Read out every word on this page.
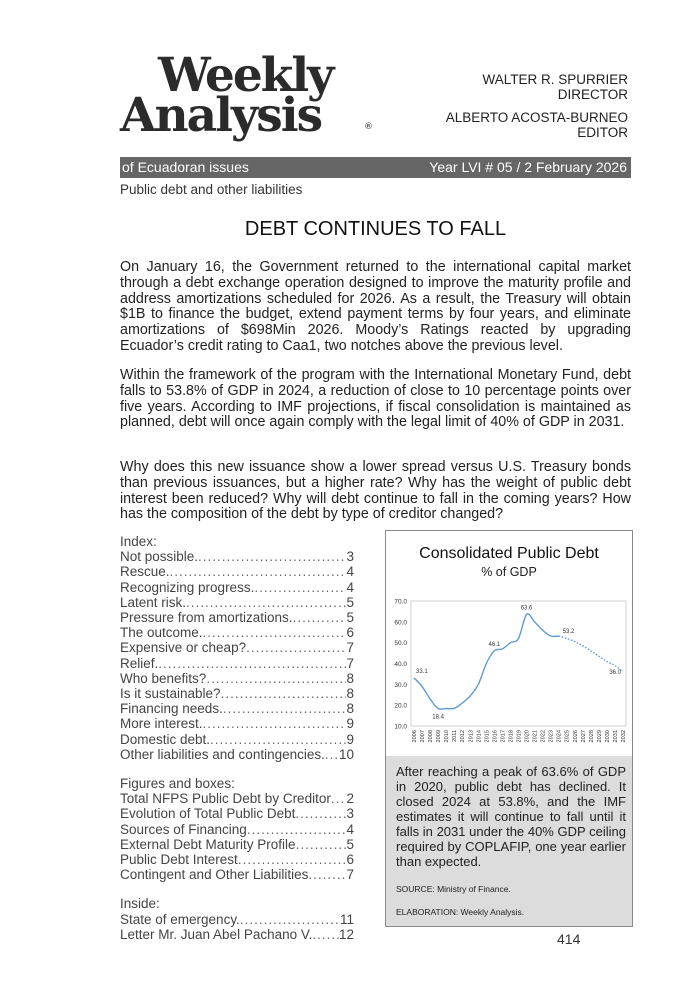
Weekly
Analysis	®
WALTER R. SPURRIER
DIRECTOR
ALBERTO ACOSTA-BURNEO
EDITOR
of Ecuadoran issues	Year LVI # 05 / 2 February 2026
Public debt and other liabilities
DEBT CONTINUES TO FALL

On January 16, the Government returned to the international capital market through a debt exchange operation designed to improve the maturity profile and address amortizations scheduled for 2026. As a result, the Treasury will obtain $1B to finance the budget, extend payment terms by four years, and eliminate amortizations of $698Min 2026. Moody’s Ratings reacted by upgrading Ecuador’s credit rating to Caa1, two notches above the previous level.

Within the framework of the program with the International Monetary Fund, debt falls to 53.8% of GDP in 2024, a reduction of close to 10 percentage points over five years. According to IMF projections, if fiscal consolidation is maintained as planned, debt will once again comply with the legal limit of 40% of GDP in 2031.

Why does this new issuance show a lower spread versus U.S. Treasury bonds than previous issuances, but a higher rate? Why has the weight of public debt interest been reduced? Why will debt continue to fall in the coming years? How has the composition of the debt by type of creditor changed?

Index:
Not possible. .....	3
Rescue. .....	4
Recognizing progress. .....	4
Latent risk. .....	5
Pressure from amortizations. .....	5
The outcome. .....	6
Expensive or cheap? .....	7
Relief. .....	7
Who benefits? .....	8
Is it sustainable? .....	8
Financing needs. .....	8
More interest. .....	9
Domestic debt. .....	9
Other liabilities and contingencies. ..... 10
Figures and boxes:
Total NFPS Public Debt by Creditor ..... 2
Evolution of Total Public Debt .....	3
Sources of Financing .....	4
External Debt Maturity Profile .....	5
Public Debt Interest .....	6
Contingent and Other Liabilities .....	7
Inside:
State of emergency. .....	11
Letter Mr. Juan Abel Pachano V. ..... 12
Consolidated Public Debt
% of GDP
10.0
20.0
30.0
40.0
50.0
60.0
70.0
2006 2007 2008 2009 2010 2011 2012 2013 2014 2015 2016 2017 2018 2019 2020 2021 2022 2023 2024 2025 2026 2027 2028 2029 2030 2031 2032
33.1
18.4
46.1
63.6
53.2
36.0
After reaching a peak of 63.6% of GDP in 2020, public debt has declined. It closed 2024 at 53.8%, and the IMF estimates it will continue to fall until it falls in 2031 under the 40% GDP ceiling required by COPLAFIP, one year earlier than expected.
SOURCE: Ministry of Finance.
ELABORATION: Weekly Analysis.
414
